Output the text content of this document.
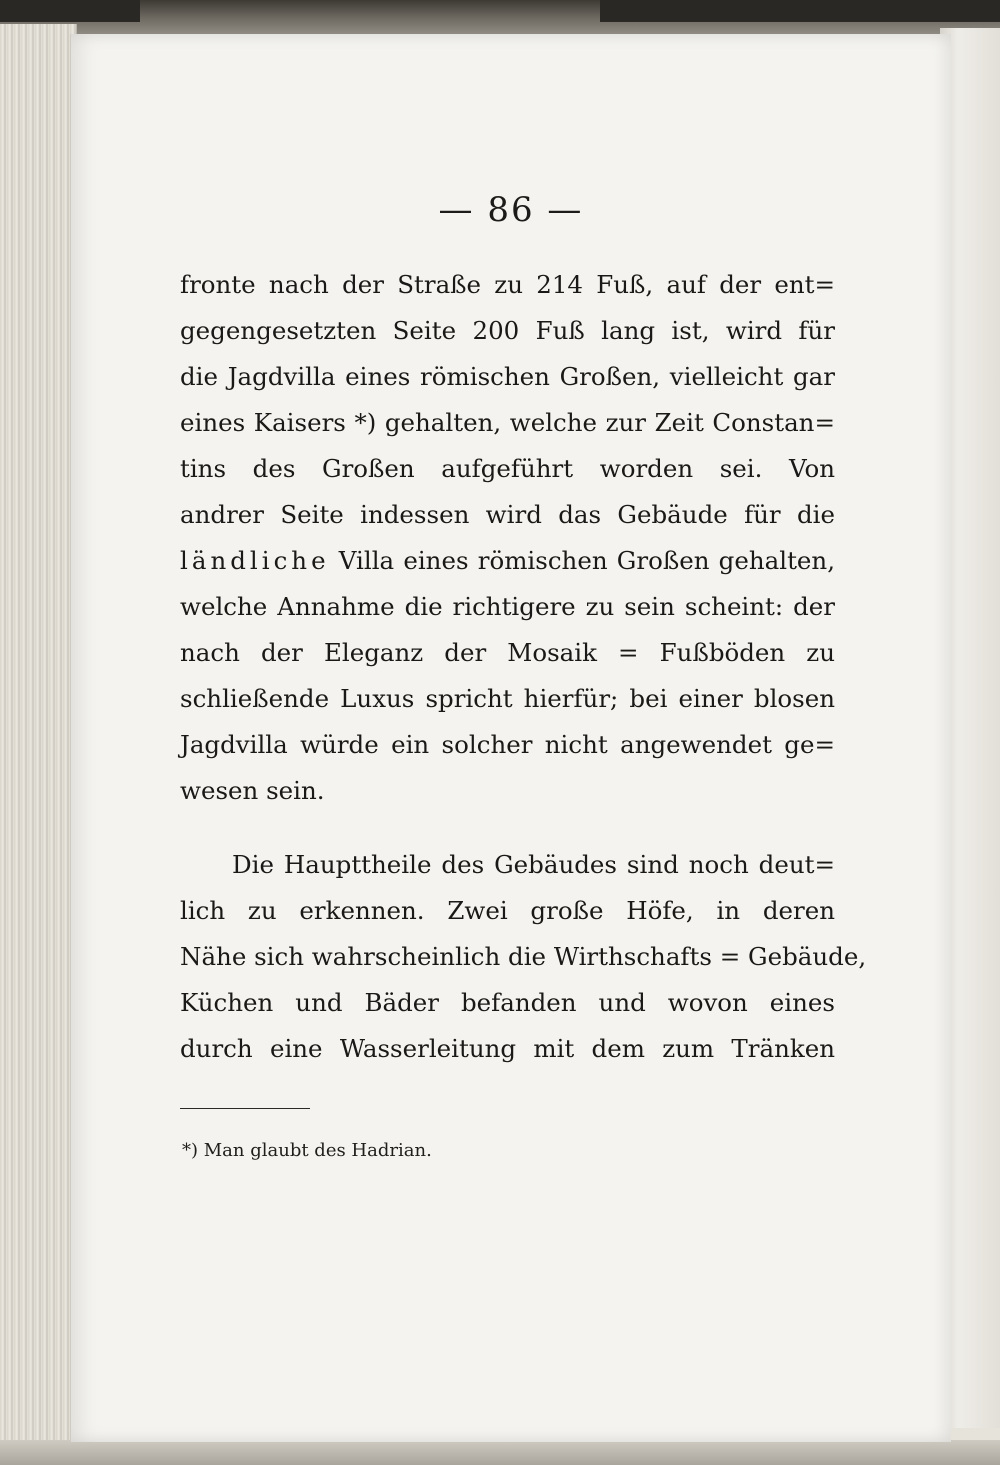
— 86 —
fronte nach der Straße zu 214 Fuß, auf der ent=
gegengesetzten Seite 200 Fuß lang ist, wird für
die Jagdvilla eines römischen Großen, vielleicht gar
eines Kaisers *) gehalten, welche zur Zeit Constan=
tins des Großen aufgeführt worden sei. Von
andrer Seite indessen wird das Gebäude für die
ländliche Villa eines römischen Großen gehalten,
welche Annahme die richtigere zu sein scheint: der
nach der Eleganz der Mosaik = Fußböden zu
schließende Luxus spricht hierfür; bei einer blosen
Jagdvilla würde ein solcher nicht angewendet ge=
wesen sein.
Die Haupttheile des Gebäudes sind noch deut=
lich zu erkennen. Zwei große Höfe, in deren
Nähe sich wahrscheinlich die Wirthschafts = Gebäude,
Küchen und Bäder befanden und wovon eines
durch eine Wasserleitung mit dem zum Tränken
*) Man glaubt des Hadrian.
